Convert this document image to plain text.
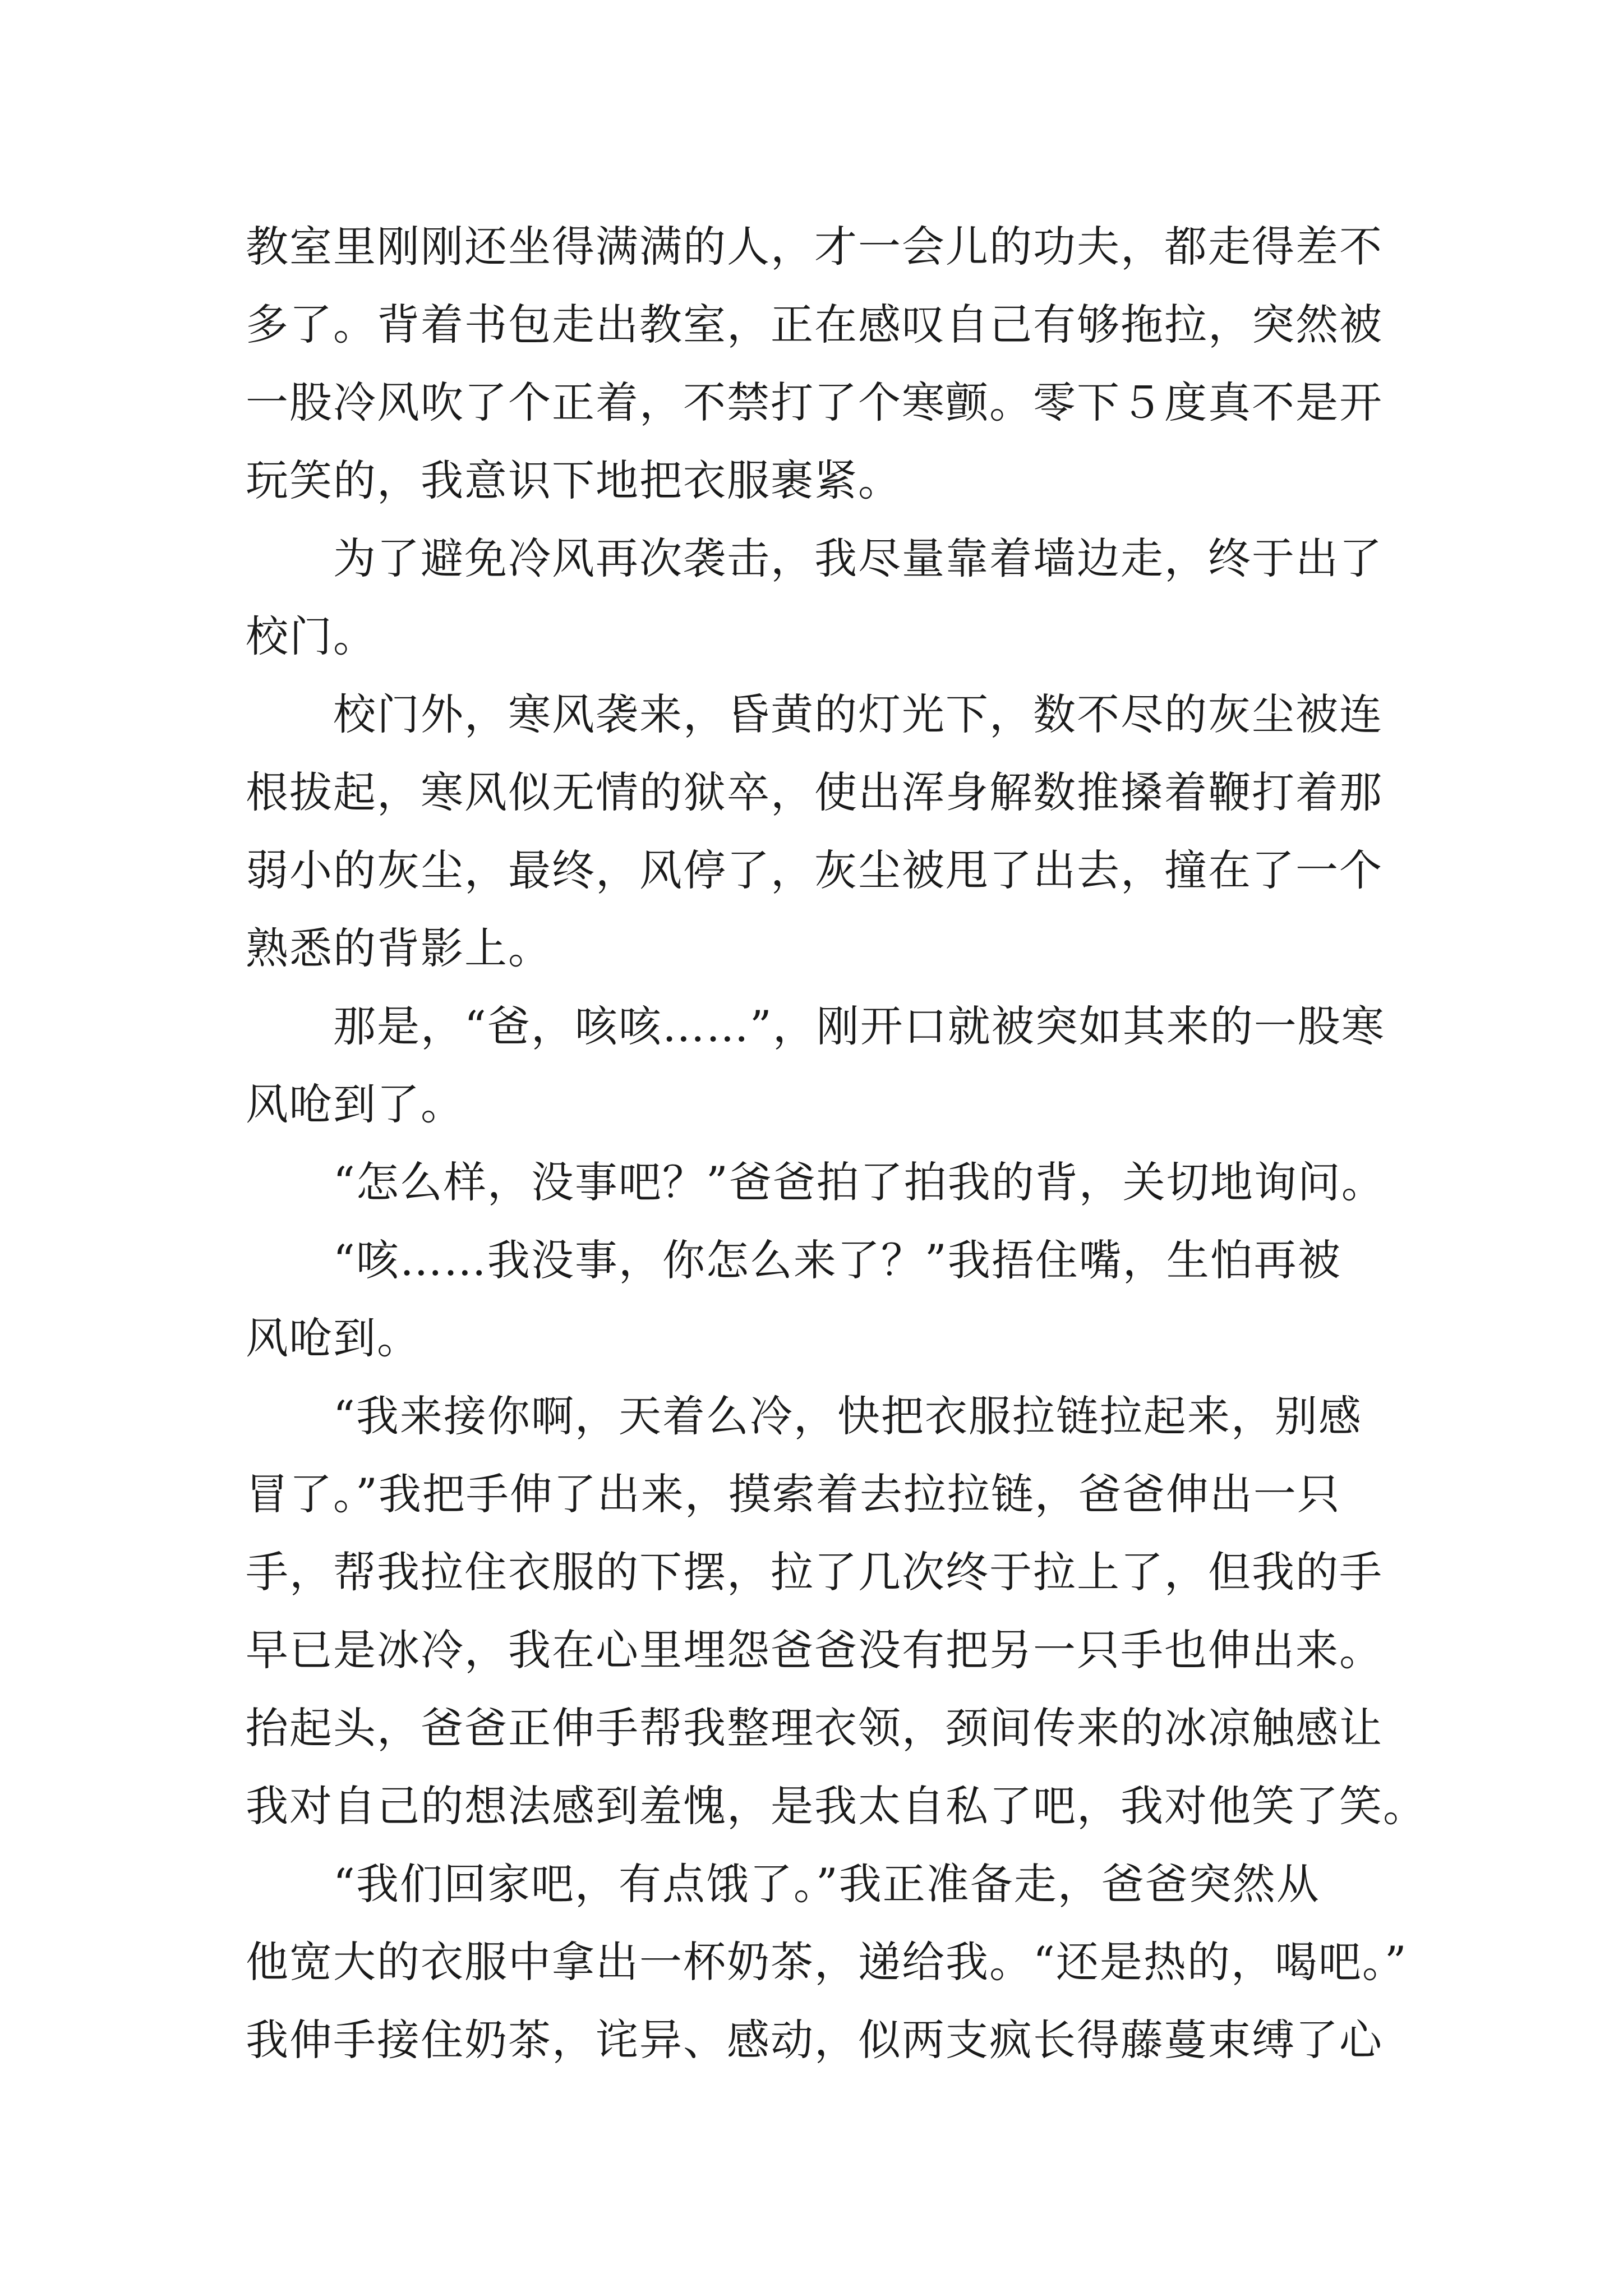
教室里刚刚还坐得满满的人，才一会儿的功夫，都走得差不
多了。背着书包走出教室，正在感叹自己有够拖拉，突然被
一股冷风吹了个正着，不禁打了个寒颤。零下５度真不是开
玩笑的，我意识下地把衣服裹紧。
为了避免冷风再次袭击，我尽量靠着墙边走，终于出了
校门。
校门外，寒风袭来，昏黄的灯光下，数不尽的灰尘被连
根拔起，寒风似无情的狱卒，使出浑身解数推搡着鞭打着那
弱小的灰尘，最终，风停了，灰尘被甩了出去，撞在了一个
熟悉的背影上。
那是，“爸，咳咳……”，刚开口就被突如其来的一股寒
风呛到了。
“怎么样，没事吧？”爸爸拍了拍我的背，关切地询问。
“咳……我没事，你怎么来了？”我捂住嘴，生怕再被
风呛到。
“我来接你啊，天着么冷，快把衣服拉链拉起来，别感
冒了。”我把手伸了出来，摸索着去拉拉链，爸爸伸出一只
手，帮我拉住衣服的下摆，拉了几次终于拉上了，但我的手
早已是冰冷，我在心里埋怨爸爸没有把另一只手也伸出来。
抬起头，爸爸正伸手帮我整理衣领，颈间传来的冰凉触感让
我对自己的想法感到羞愧，是我太自私了吧，我对他笑了笑。
“我们回家吧，有点饿了。”我正准备走，爸爸突然从
他宽大的衣服中拿出一杯奶茶，递给我。“还是热的，喝吧。”
我伸手接住奶茶，诧异、感动，似两支疯长得藤蔓束缚了心
